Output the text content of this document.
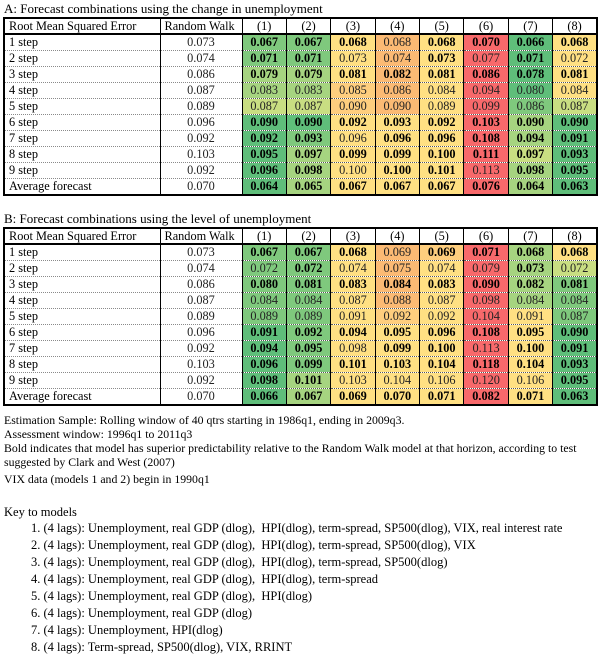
A: Forecast combinations using the change in unemployment
Root Mean Squared Error	Random Walk	(1)	(2)	(3)	(4)	(5)	(6)	(7)	(8)
1 step	0.073	0.067	0.067	0.068	0.068	0.068	0.070	0.066	0.068
2 step	0.074	0.071	0.071	0.073	0.074	0.073	0.077	0.071	0.072
3 step	0.086	0.079	0.079	0.081	0.082	0.081	0.086	0.078	0.081
4 step	0.087	0.083	0.083	0.085	0.086	0.084	0.094	0.080	0.084
5 step	0.089	0.087	0.087	0.090	0.090	0.089	0.099	0.086	0.087
6 step	0.096	0.090	0.090	0.092	0.093	0.092	0.103	0.090	0.090
7 step	0.092	0.092	0.093	0.096	0.096	0.096	0.108	0.094	0.091
8 step	0.103	0.095	0.097	0.099	0.099	0.100	0.111	0.097	0.093
9 step	0.092	0.096	0.098	0.100	0.100	0.101	0.113	0.098	0.095
Average forecast	0.070	0.064	0.065	0.067	0.067	0.067	0.076	0.064	0.063
B: Forecast combinations using the level of unemployment
Root Mean Squared Error	Random Walk	(1)	(2)	(3)	(4)	(5)	(6)	(7)	(8)
1 step	0.073	0.067	0.067	0.068	0.069	0.069	0.071	0.068	0.068
2 step	0.074	0.072	0.072	0.074	0.075	0.074	0.079	0.073	0.072
3 step	0.086	0.080	0.081	0.083	0.084	0.083	0.090	0.082	0.081
4 step	0.087	0.084	0.084	0.087	0.088	0.087	0.098	0.084	0.084
5 step	0.089	0.089	0.089	0.091	0.092	0.092	0.104	0.091	0.087
6 step	0.096	0.091	0.092	0.094	0.095	0.096	0.108	0.095	0.090
7 step	0.092	0.094	0.095	0.098	0.099	0.100	0.113	0.100	0.091
8 step	0.103	0.096	0.099	0.101	0.103	0.104	0.118	0.104	0.093
9 step	0.092	0.098	0.101	0.103	0.104	0.106	0.120	0.106	0.095
Average forecast	0.070	0.066	0.067	0.069	0.070	0.071	0.082	0.071	0.063

Estimation Sample: Rolling window of 40 qtrs starting in 1986q1, ending in 2009q3.

Assessment window: 1996q1 to 2011q3

Bold indicates that model has superior predictability relative to the Random Walk model at that horizon, according to test suggested by Clark and West (2007)

VIX data (models 1 and 2) begin in 1990q1

Key to models
1. (4 lags): Unemployment, real GDP (dlog),  HPI(dlog), term-spread, SP500(dlog), VIX, real interest rate
2. (4 lags): Unemployment, real GDP (dlog),  HPI(dlog), term-spread, SP500(dlog), VIX
3. (4 lags): Unemployment, real GDP (dlog),  HPI(dlog), term-spread, SP500(dlog)
4. (4 lags): Unemployment, real GDP (dlog),  HPI(dlog), term-spread
5. (4 lags): Unemployment, real GDP (dlog),  HPI(dlog)
6. (4 lags): Unemployment, real GDP (dlog)
7. (4 lags): Unemployment, HPI(dlog)
8. (4 lags): Term-spread, SP500(dlog), VIX, RRINT
